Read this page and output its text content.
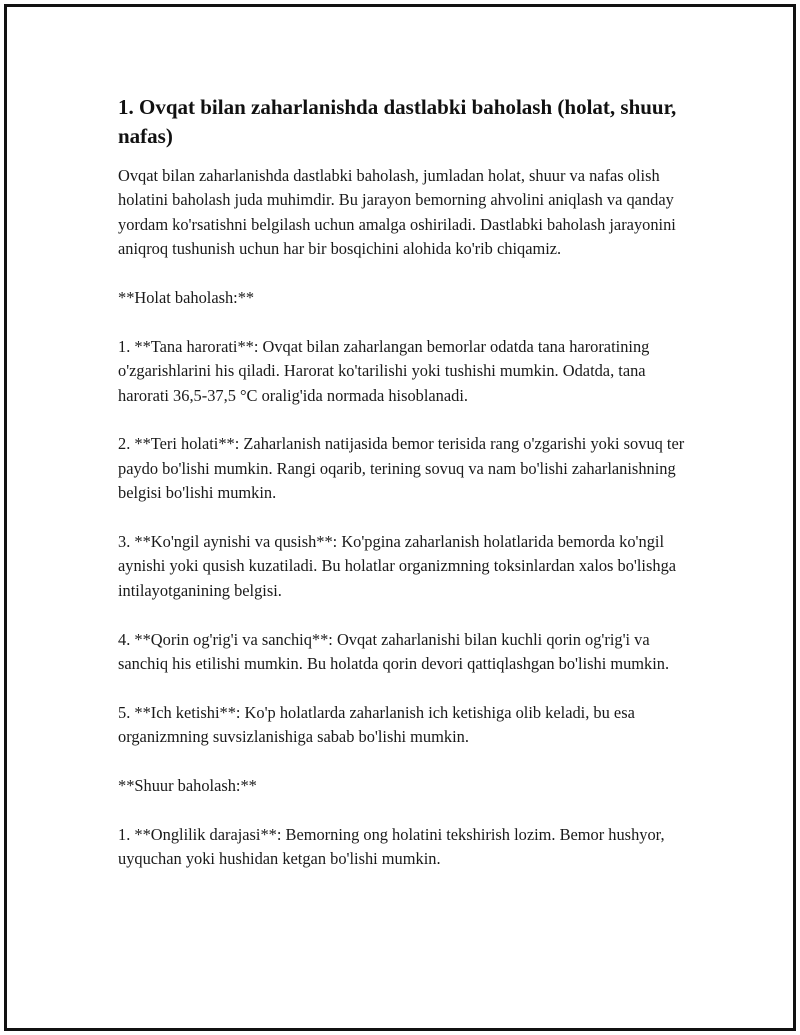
1. Ovqat bilan zaharlanishda dastlabki baholash (holat, shuur, nafas)

Ovqat bilan zaharlanishda dastlabki baholash, jumladan holat, shuur va nafas olish holatini baholash juda muhimdir. Bu jarayon bemorning ahvolini aniqlash va qanday yordam ko'rsatishni belgilash uchun amalga oshiriladi. Dastlabki baholash jarayonini aniqroq tushunish uchun har bir bosqichini alohida ko'rib chiqamiz.

**Holat baholash:**

1. **Tana harorati**: Ovqat bilan zaharlangan bemorlar odatda tana haroratining o'zgarishlarini his qiladi. Harorat ko'tarilishi yoki tushishi mumkin. Odatda, tana harorati 36,5-37,5 °C oralig'ida normada hisoblanadi.

2. **Teri holati**: Zaharlanish natijasida bemor terisida rang o'zgarishi yoki sovuq ter paydo bo'lishi mumkin. Rangi oqarib, terining sovuq va nam bo'lishi zaharlanishning belgisi bo'lishi mumkin.

3. **Ko'ngil aynishi va qusish**: Ko'pgina zaharlanish holatlarida bemorda ko'ngil aynishi yoki qusish kuzatiladi. Bu holatlar organizmning toksinlardan xalos bo'lishga intilayotganining belgisi.

4. **Qorin og'rig'i va sanchiq**: Ovqat zaharlanishi bilan kuchli qorin og'rig'i va sanchiq his etilishi mumkin. Bu holatda qorin devori qattiqlashgan bo'lishi mumkin.

5. **Ich ketishi**: Ko'p holatlarda zaharlanish ich ketishiga olib keladi, bu esa organizmning suvsizlanishiga sabab bo'lishi mumkin.

**Shuur baholash:**

1. **Onglilik darajasi**: Bemorning ong holatini tekshirish lozim. Bemor hushyor, uyquchan yoki hushidan ketgan bo'lishi mumkin.
